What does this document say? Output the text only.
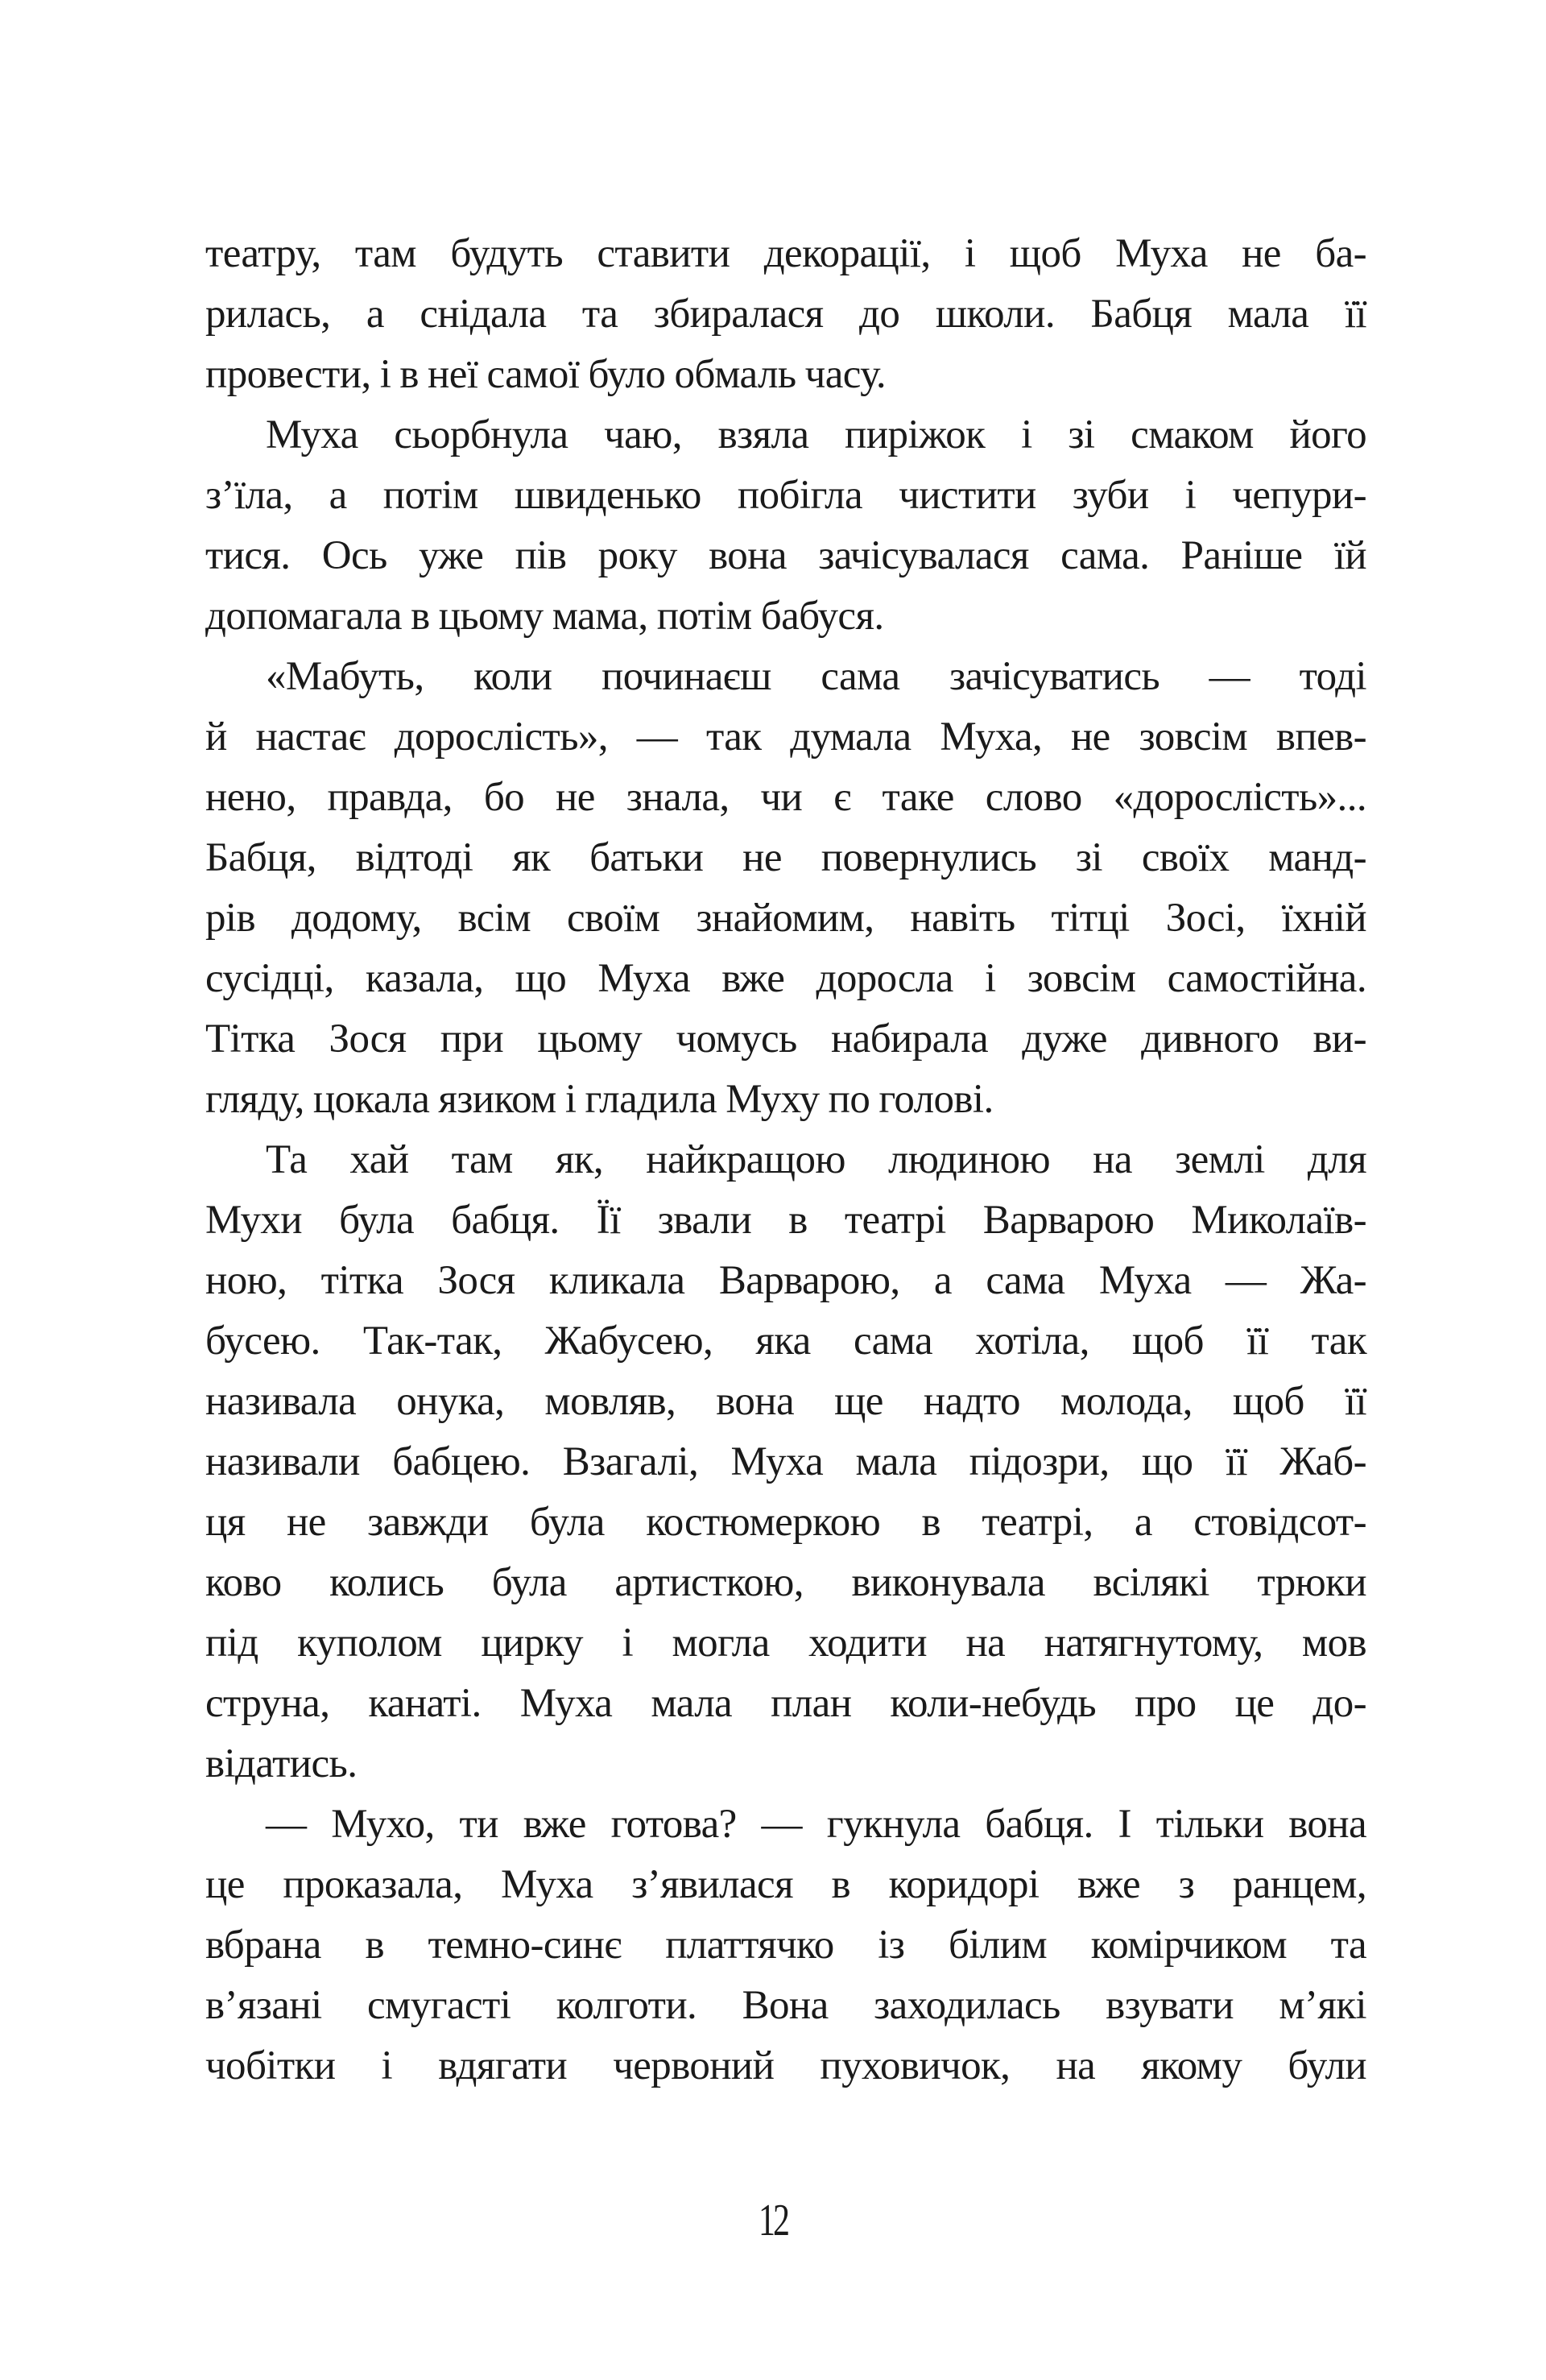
театру, там будуть ставити декорації, і щоб Муха не ба-
рилась, а снідала та збиралася до школи. Бабця мала її
провести, і в неї самої було обмаль часу.
Муха сьорбнула чаю, взяла пиріжок і зі смаком його
з’їла, а потім швиденько побігла чистити зуби і чепури-
тися. Ось уже пів року вона зачісувалася сама. Раніше їй
допомагала в цьому мама, потім бабуся.
«Мабуть, коли починаєш сама зачісуватись — тоді
й настає дорослість», — так думала Муха, не зовсім впев-
нено, правда, бо не знала, чи є таке слово «дорослість»...
Бабця, відтоді як батьки не повернулись зі своїх манд-
рів додому, всім своїм знайомим, навіть тітці Зосі, їхній
сусідці, казала, що Муха вже доросла і зовсім самостійна.
Тітка Зося при цьому чомусь набирала дуже дивного ви-
гляду, цокала язиком і гладила Муху по голові.
Та хай там як, найкращою людиною на землі для
Мухи була бабця. Її звали в театрі Варварою Миколаїв-
ною, тітка Зося кликала Варварою, а сама Муха — Жа-
бусею. Так-так, Жабусею, яка сама хотіла, щоб її так
називала онука, мовляв, вона ще надто молода, щоб її
називали бабцею. Взагалі, Муха мала підозри, що її Жаб-
ця не завжди була костюмеркою в театрі, а стовідсот-
ково колись була артисткою, виконувала всілякі трюки
під куполом цирку і могла ходити на натягнутому, мов
струна, канаті. Муха мала план коли-небудь про це до-
відатись.
— Мухо, ти вже готова? — гукнула бабця. І тільки вона
це проказала, Муха з’явилася в коридорі вже з ранцем,
вбрана в темно-синє платтячко із білим комірчиком та
в’язані смугасті колготи. Вона заходилась взувати м’які
чобітки і вдягати червоний пуховичок, на якому були
12
